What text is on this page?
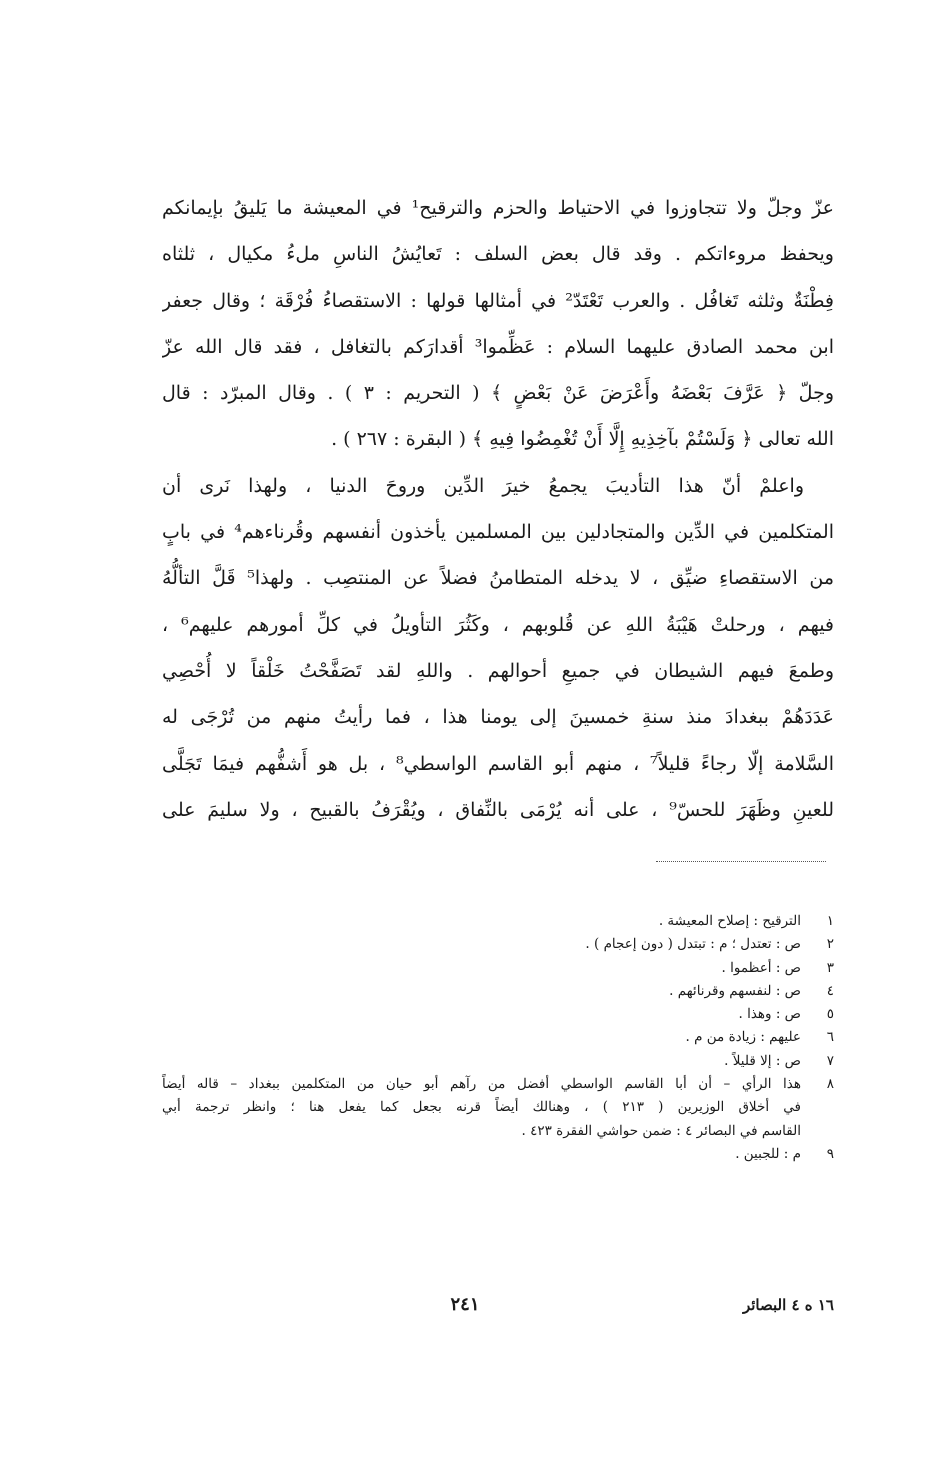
عزّ وجلّ ولا تتجاوزوا في الاحتياط والحزم والترقيح¹ في المعيشة ما يَليقُ بإيمانكم
ويحفظ مروءاتكم . وقد قال بعض السلف : تَعايُشُ الناسِ ملءُ مكيال ، ثلثاه
فِطْنَةٌ وثلثه تَغافُل . والعرب تَعْتَدّ² في أمثالها قولها : الاستقصاءُ فُرْقَة ؛ وقال جعفر
ابن محمد الصادق عليهما السلام : عَظِّموا³ أقدارَكم بالتغافل ، فقد قال الله عزّ
وجلّ ﴿ عَرَّفَ بَعْضَهُ وأَعْرَضَ عَنْ بَعْضٍ ﴾ ( التحريم : ٣ ) . وقال المبرّد : قال
الله تعالى ﴿ وَلَسْتُمْ بآخِذِيهِ إِلَّا أَنْ تُغْمِضُوا فِيهِ ﴾ ( البقرة : ٢٦٧ ) .
واعلمْ أنّ هذا التأديبَ يجمعُ خيرَ الدِّين وروحَ الدنيا ، ولهذا نَرى أن
المتكلمين في الدِّين والمتجادلين بين المسلمين يأخذون أنفسهم وقُرناءهم⁴ في بابٍ
من الاستقصاءِ ضيِّق ، لا يدخله المتطامنُ فضلاً عن المنتصِب . ولهذا⁵ قَلَّ التألُّهُ
فيهم ، ورحلتْ هَيْبَةُ اللهِ عن قُلوبهم ، وكَثُرَ التأويلُ في كلِّ أمورهم عليهم⁶ ،
وطمعَ فيهم الشيطان في جميعِ أحوالهم . واللهِ لقد تَصَفَّحْتُ خَلْقاً لا أُحْصِي
عَدَدَهُمْ ببغدادَ منذ سنةِ خمسينَ إلى يومنا هذا ، فما رأيتُ منهم من تُرْجَى له
السَّلامة إلّا رجاءً قليلاً⁷ ، منهم أبو القاسم الواسطي⁸ ، بل هو أَشفُّهم فيمَا تَجَلَّى
للعينِ وظَهَرَ للحسّ⁹ ، على أنه يُرْمَى بالنِّفاق ، ويُقْرَفُ بالقبيح ، ولا سليمَ على
١
الترقيح : إصلاح المعيشة .
٢
ص : تعتدل ؛ م : تبتدل ( دون إعجام ) .
٣
ص : أعظموا .
٤
ص : لنفسهم وقرنائهم .
٥
ص : وهذا .
٦
عليهم : زيادة من م .
٧
ص : إلا قليلاً .
٨
هذا الرأي – أن أبا القاسم الواسطي أفضل من رآهم أبو حيان من المتكلمين ببغداد – قاله أيضاً
في أخلاق الوزيرين ( ٢١٣ ) ، وهنالك أيضاً قرنه بجعل كما يفعل هنا ؛ وانظر ترجمة أبي
القاسم في البصائر ٤ : ضمن حواشي الفقرة ٤٢٣ .
٩
م : للجبين .
٢٤١	١٦ ه ٤ البصائر
